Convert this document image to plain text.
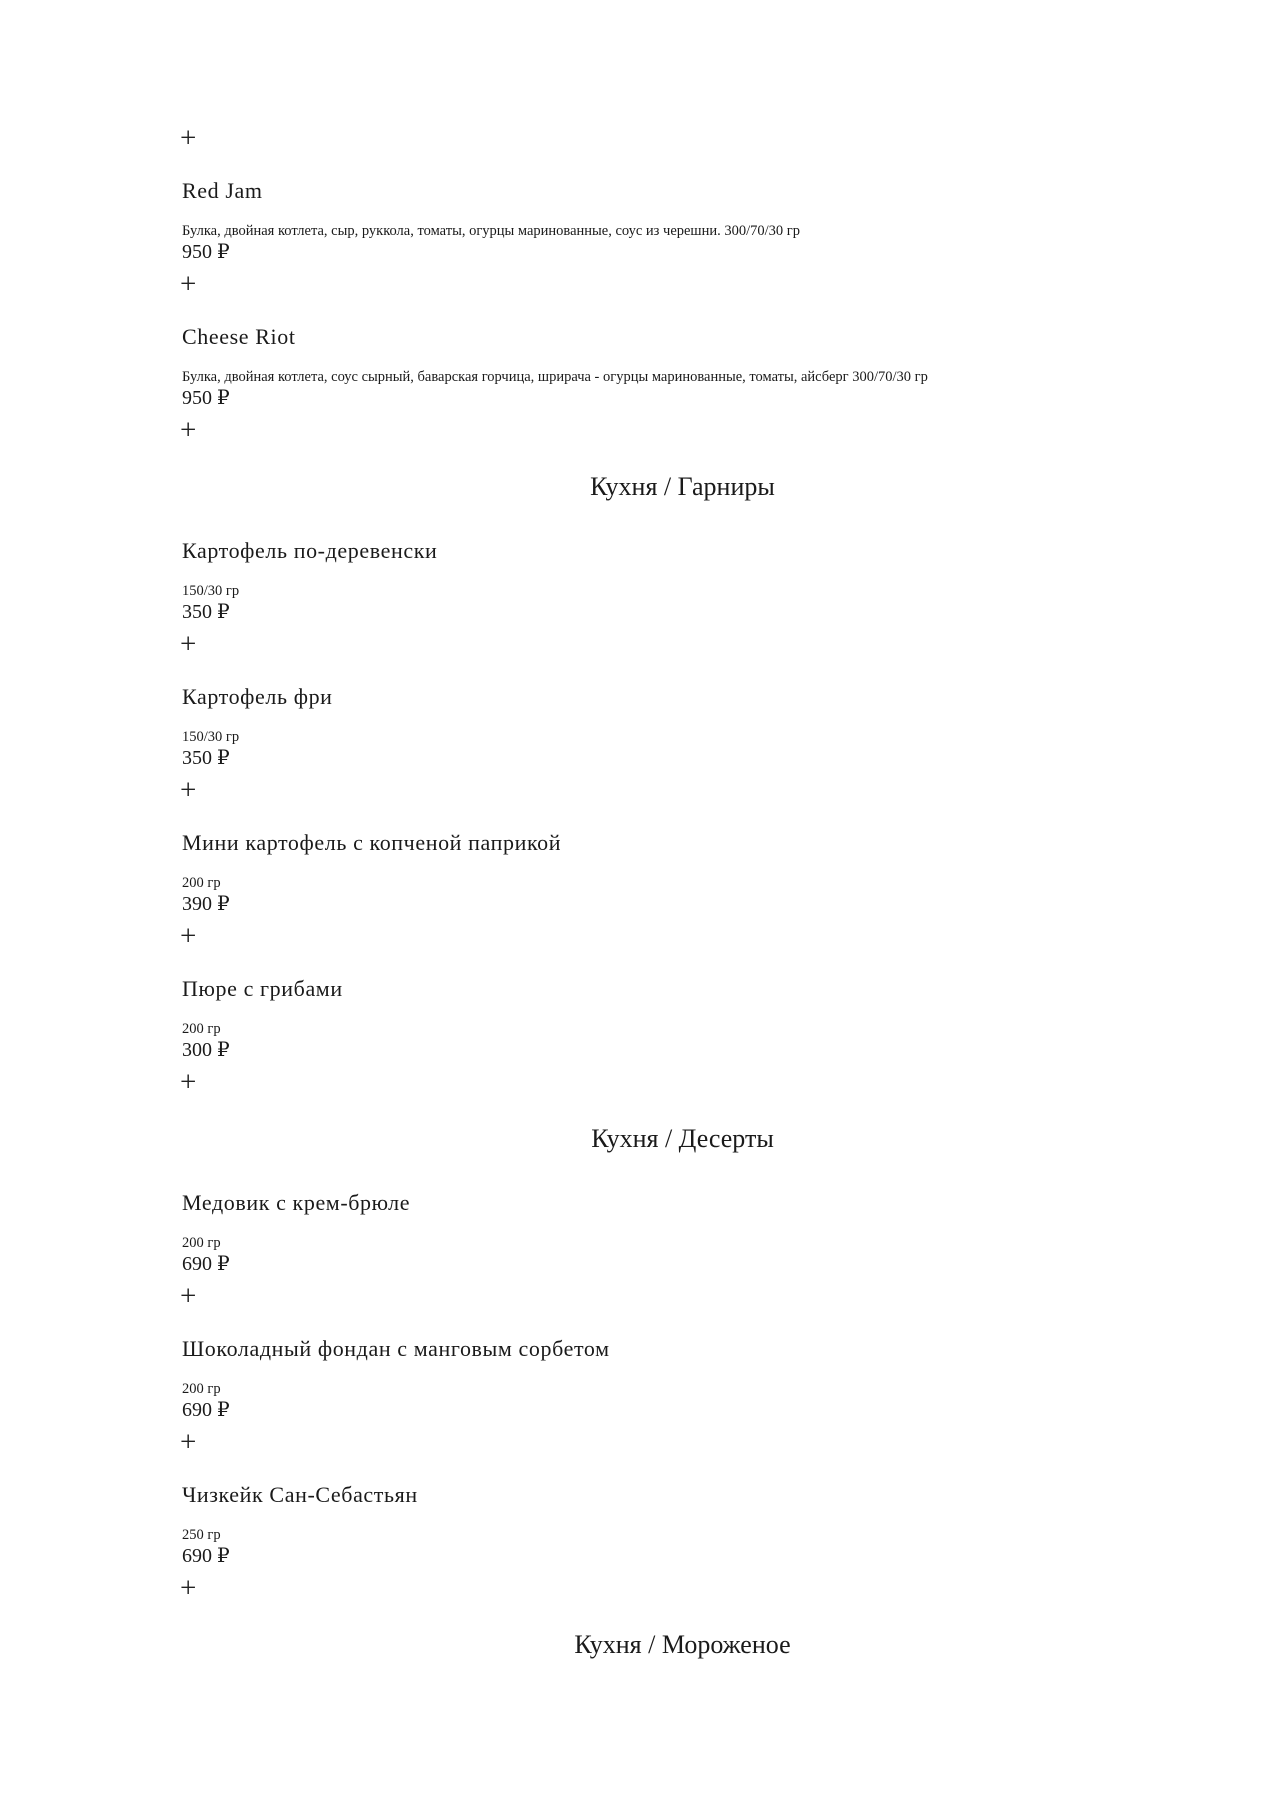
+
Red Jam
Булка, двойная котлета, сыр, руккола, томаты, огурцы маринованные, соус из черешни. 300/70/30 гр
950 ₽
+
Cheese Riot
Булка, двойная котлета, соус сырный, баварская горчица, шрирача - огурцы маринованные, томаты, айсберг 300/70/30 гр
950 ₽
+
Кухня / Гарниры
Картофель по-деревенски
150/30 гр
350 ₽
+
Картофель фри
150/30 гр
350 ₽
+
Мини картофель с копченой паприкой
200 гр
390 ₽
+
Пюре с грибами
200 гр
300 ₽
+
Кухня / Десерты
Медовик с крем-брюле
200 гр
690 ₽
+
Шоколадный фондан с манговым сорбетом
200 гр
690 ₽
+
Чизкейк Сан-Себастьян
250 гр
690 ₽
+
Кухня / Мороженое
